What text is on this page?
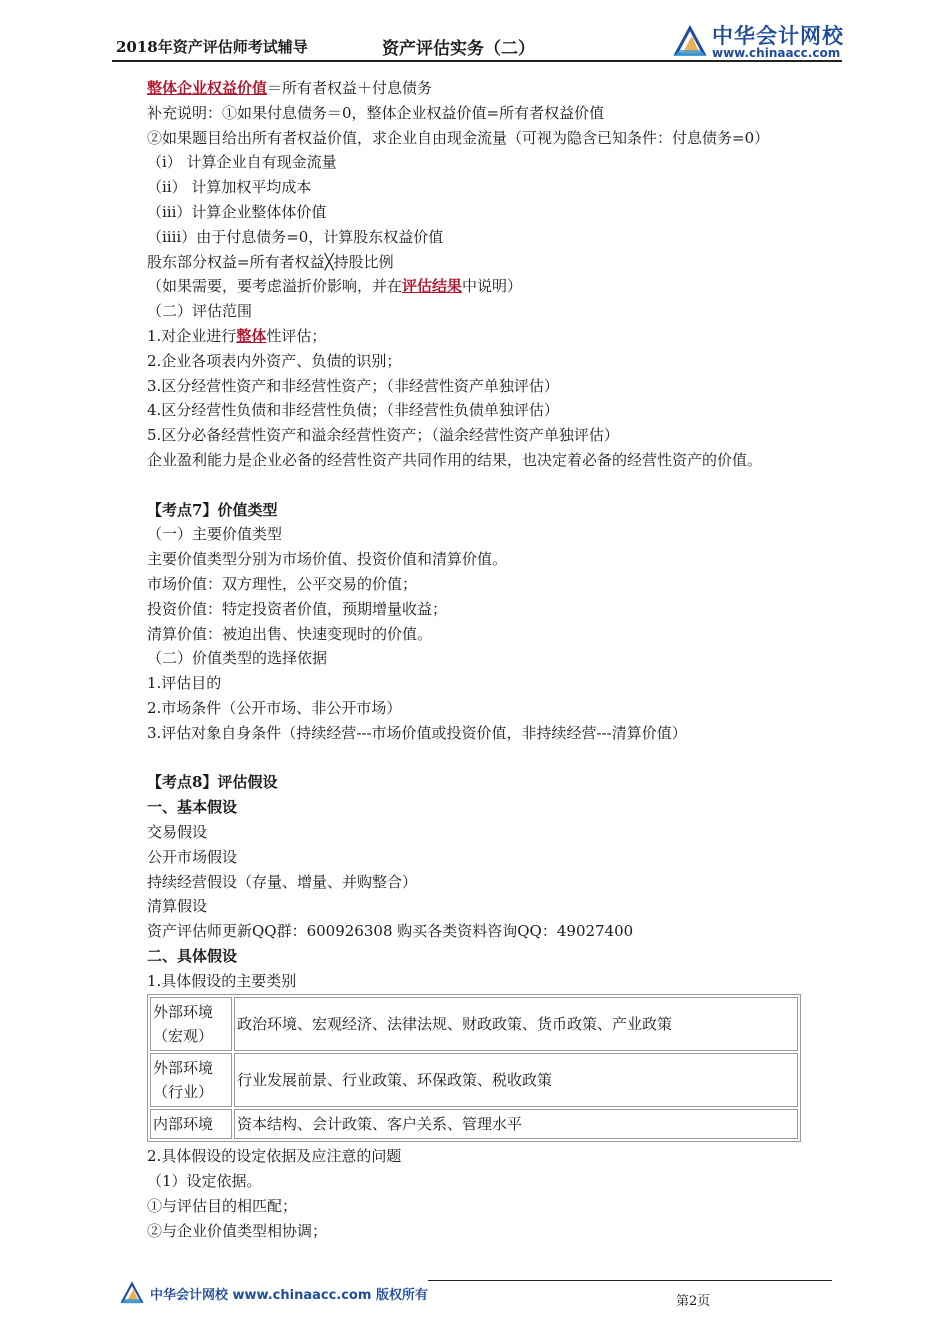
2018年资产评估师考试辅导	资产评估实务（二）
中华会计网校
www.chinaacc.com
整体企业权益价值＝所有者权益＋付息债务
补充说明：①如果付息债务＝0，整体企业权益价值=所有者权益价值
②如果题目给出所有者权益价值，求企业自由现金流量（可视为隐含已知条件：付息债务=0）
（i） 计算企业自有现金流量
（ii） 计算加权平均成本
（iii）计算企业整体体价值
（iiii）由于付息债务=0，计算股东权益价值
股东部分权益=所有者权益╳持股比例
（如果需要，要考虑溢折价影响，并在评估结果中说明）
（二）评估范围
1.对企业进行整体性评估；
2.企业各项表内外资产、负债的识别；
3.区分经营性资产和非经营性资产；（非经营性资产单独评估）
4.区分经营性负债和非经营性负债；（非经营性负债单独评估）
5.区分必备经营性资产和溢余经营性资产；（溢余经营性资产单独评估）
企业盈利能力是企业必备的经营性资产共同作用的结果，也决定着必备的经营性资产的价值。
【考点7】价值类型
（一）主要价值类型
主要价值类型分别为市场价值、投资价值和清算价值。
市场价值：双方理性，公平交易的价值；
投资价值：特定投资者价值，预期增量收益；
清算价值：被迫出售、快速变现时的价值。
（二）价值类型的选择依据
1.评估目的
2.市场条件（公开市场、非公开市场）
3.评估对象自身条件（持续经营---市场价值或投资价值，非持续经营---清算价值）
【考点8】评估假设
一、基本假设
交易假设
公开市场假设
持续经营假设（存量、增量、并购整合）
清算假设
资产评估师更新QQ群：600926308 购买各类资料咨询QQ：49027400
二、具体假设
1.具体假设的主要类别
外部环境
（宏观）	政治环境、宏观经济、法律法规、财政政策、货币政策、产业政策
外部环境
（行业）	行业发展前景、行业政策、环保政策、税收政策
内部环境	资本结构、会计政策、客户关系、管理水平
2.具体假设的设定依据及应注意的问题
（1）设定依据。
①与评估目的相匹配；
②与企业价值类型相协调；
中华会计网校 www.chinaacc.com 版权所有	第2页
